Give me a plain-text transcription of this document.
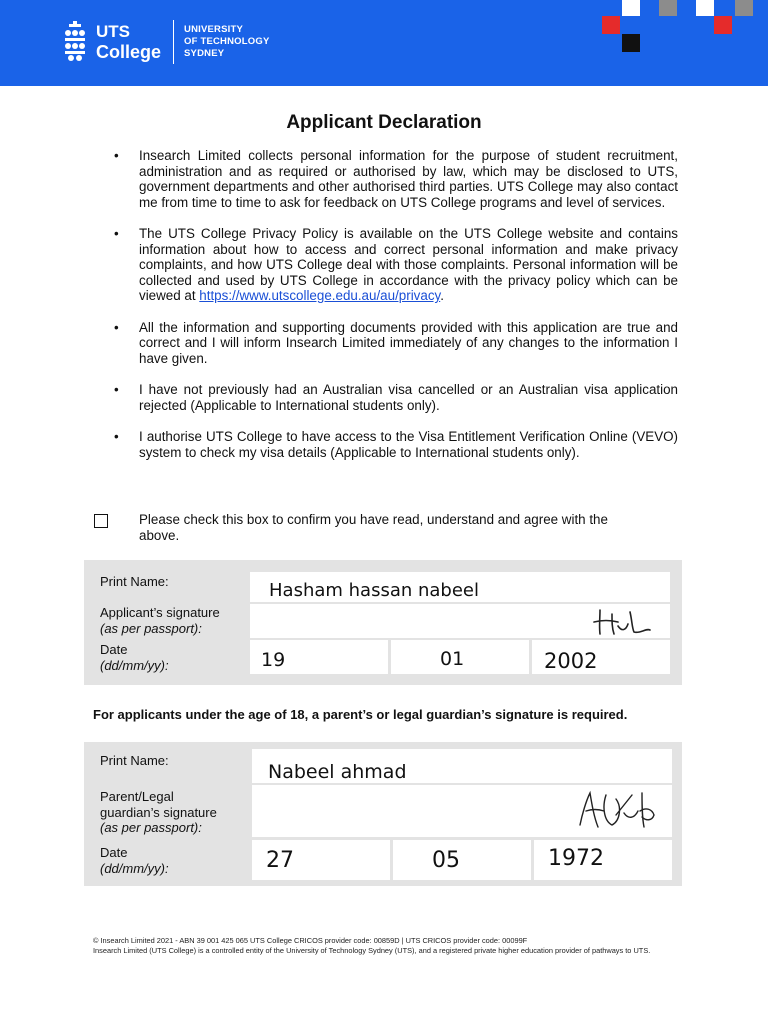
UTS
College
UNIVERSITY
OF TECHNOLOGY
SYDNEY
Applicant Declaration
• Insearch Limited collects personal information for the purpose of student recruitment, administration and as required or authorised by law, which may be disclosed to UTS, government departments and other authorised third parties. UTS College may also contact me from time to time to ask for feedback on UTS College programs and level of services.
• The UTS College Privacy Policy is available on the UTS College website and contains information about how to access and correct personal information and make privacy complaints, and how UTS College deal with those complaints. Personal information will be collected and used by UTS College in accordance with the privacy policy which can be viewed at https://www.utscollege.edu.au/au/privacy.
• All the information and supporting documents provided with this application are true and correct and I will inform Insearch Limited immediately of any changes to the information I have given.
• I have not previously had an Australian visa cancelled or an Australian visa application rejected (Applicable to International students only).
• I authorise UTS College to have access to the Visa Entitlement Verification Online (VEVO) system to check my visa details (Applicable to International students only).
Please check this box to confirm you have read, understand and agree with the above.
Print Name:	Hasham hassan nabeel
Applicant’s signature
(as per passport):
Date
(dd/mm/yy):	19	01	2002
For applicants under the age of 18, a parent’s or legal guardian’s signature is required.
Print Name:
Nabeel ahmad
Parent/Legal
guardian’s signature
(as per passport):
Date
(dd/mm/yy):	27	05	1972
© Insearch Limited 2021 - ABN 39 001 425 065 UTS College CRICOS provider code: 00859D | UTS CRICOS provider code: 00099F
Insearch Limited (UTS College) is a controlled entity of the University of Technology Sydney (UTS), and a registered private higher education provider of pathways to UTS.
